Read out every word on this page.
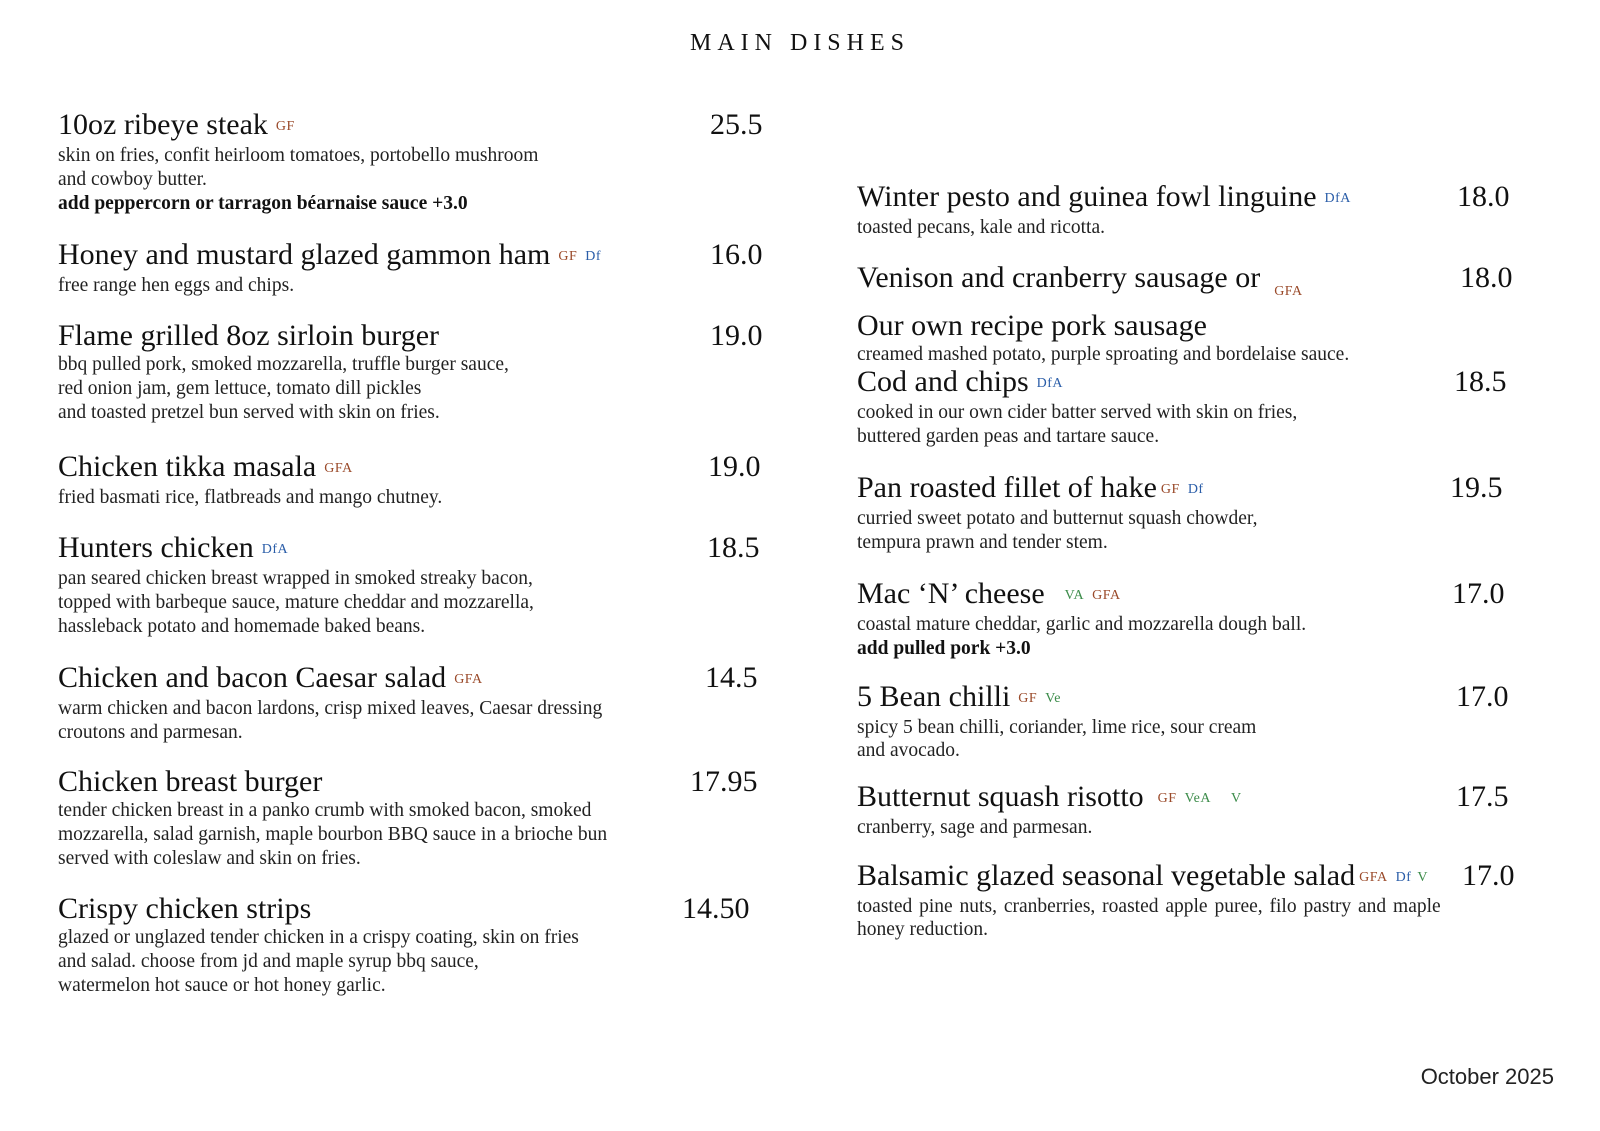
MAIN DISHES
10oz ribeye steak GF
skin on fries, confit heirloom tomatoes, portobello mushroom
and cowboy butter.
add peppercorn or tarragon béarnaise sauce +3.0
25.5
Honey and mustard glazed gammon ham GF Df
free range hen eggs and chips.
16.0
Flame grilled 8oz sirloin burger
bbq pulled pork, smoked mozzarella, truffle burger sauce,
red onion jam, gem lettuce, tomato dill pickles
and toasted pretzel bun served with skin on fries.
19.0
Chicken tikka masala GFA
fried basmati rice, flatbreads and mango chutney.
19.0
Hunters chicken DfA
pan seared chicken breast wrapped in smoked streaky bacon,
topped with barbeque sauce, mature cheddar and mozzarella,
hassleback potato and homemade baked beans.
18.5
Chicken and bacon Caesar salad GFA
warm chicken and bacon lardons, crisp mixed leaves, Caesar dressing
croutons and parmesan.
14.5
Chicken breast burger
tender chicken breast in a panko crumb with smoked bacon, smoked
mozzarella, salad garnish, maple bourbon BBQ sauce in a brioche bun
served with coleslaw and skin on fries.
17.95
Crispy chicken strips
glazed or unglazed tender chicken in a crispy coating, skin on fries
and salad. choose from jd and maple syrup bbq sauce,
watermelon hot sauce or hot honey garlic.
14.50
Winter pesto and guinea fowl linguine DfA
toasted pecans, kale and ricotta.
18.0
Venison and cranberry sausage or GFA
Our own recipe pork sausage
creamed mashed potato, purple sproating and bordelaise sauce.
18.0
Cod and chips DfA
cooked in our own cider batter served with skin on fries,
buttered garden peas and tartare sauce.
18.5
Pan roasted fillet of hake GF Df
curried sweet potato and butternut squash chowder,
tempura prawn and tender stem.
19.5
Mac ‘N’ cheese VA GFA
coastal mature cheddar, garlic and mozzarella dough ball.
add pulled pork +3.0
17.0
5 Bean chilli GF Ve
spicy 5 bean chilli, coriander, lime rice, sour cream
and avocado.
17.0
Butternut squash risotto GF VeA V
cranberry, sage and parmesan.
17.5
Balsamic glazed seasonal vegetable salad GFA Df V
toasted pine nuts, cranberries, roasted apple puree, filo pastry and maple
honey reduction.
17.0
October 2025
